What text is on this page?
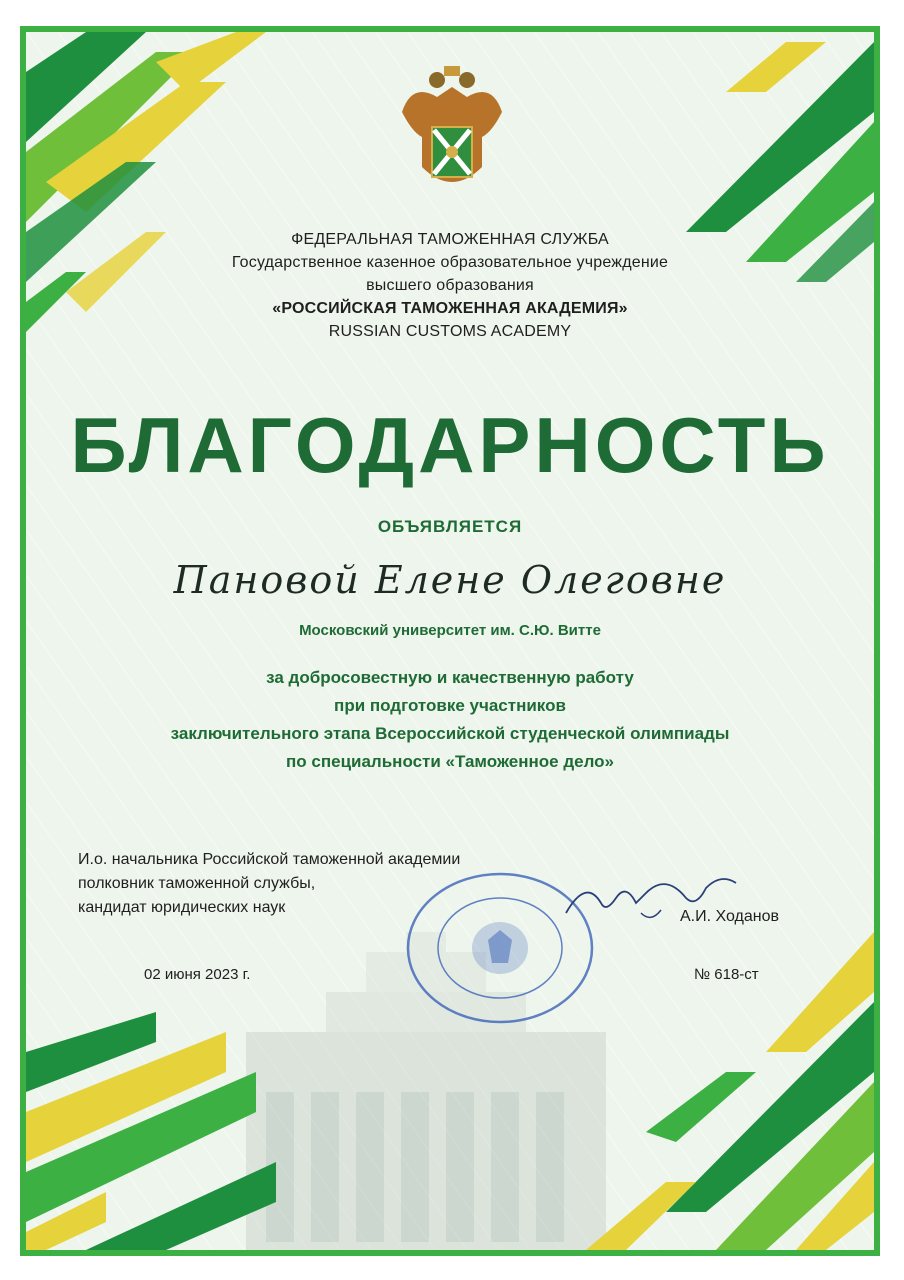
ФЕДЕРАЛЬНАЯ ТАМОЖЕННАЯ СЛУЖБА
Государственное казенное образовательное учреждение
высшего образования
«РОССИЙСКАЯ ТАМОЖЕННАЯ АКАДЕМИЯ»
RUSSIAN CUSTOMS ACADEMY
БЛАГОДАРНОСТЬ
ОБЪЯВЛЯЕТСЯ
Пановой Елене Олеговне
Московский университет им. С.Ю. Витте
за добросовестную и качественную работу
при подготовке участников
заключительного этапа Всероссийской студенческой олимпиады
по специальности «Таможенное дело»
И.о. начальника Российской таможенной академии
полковник таможенной службы,
кандидат юридических наук
А.И. Ходанов
02 июня 2023 г.	№ 618-ст
